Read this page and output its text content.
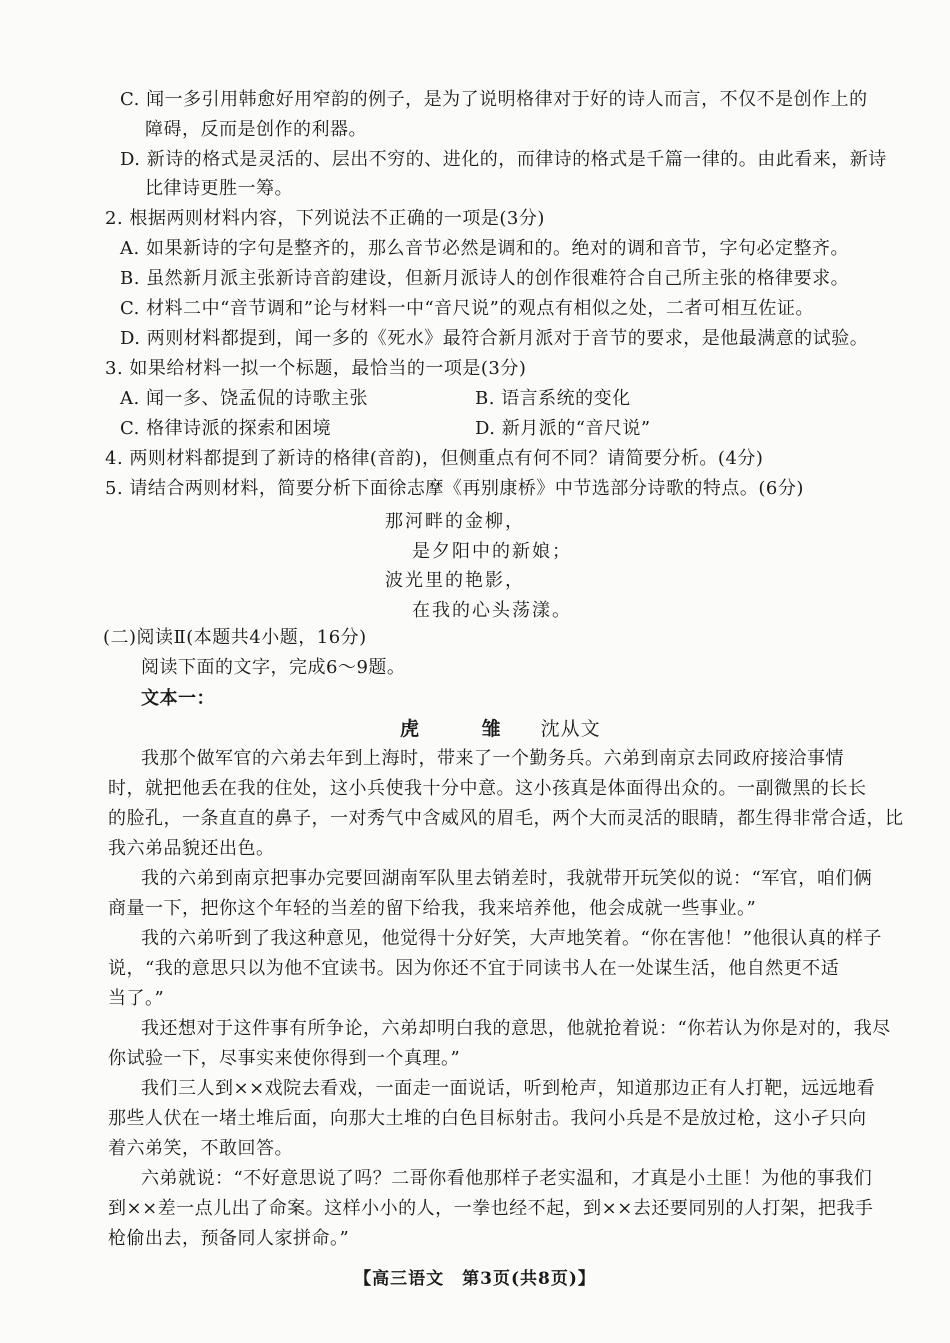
C. 闻一多引用韩愈好用窄韵的例子，是为了说明格律对于好的诗人而言，不仅不是创作上的
障碍，反而是创作的利器。
D. 新诗的格式是灵活的、层出不穷的、进化的，而律诗的格式是千篇一律的。由此看来，新诗
比律诗更胜一筹。
2. 根据两则材料内容，下列说法不正确的一项是(3分)
A. 如果新诗的字句是整齐的，那么音节必然是调和的。绝对的调和音节，字句必定整齐。
B. 虽然新月派主张新诗音韵建设，但新月派诗人的创作很难符合自己所主张的格律要求。
C. 材料二中“音节调和”论与材料一中“音尺说”的观点有相似之处，二者可相互佐证。
D. 两则材料都提到，闻一多的《死水》最符合新月派对于音节的要求，是他最满意的试验。
3. 如果给材料一拟一个标题，最恰当的一项是(3分)
A. 闻一多、饶孟侃的诗歌主张	B. 语言系统的变化
C. 格律诗派的探索和困境	D. 新月派的“音尺说”
4. 两则材料都提到了新诗的格律(音韵)，但侧重点有何不同？请简要分析。(4分)
5. 请结合两则材料，简要分析下面徐志摩《再别康桥》中节选部分诗歌的特点。(6分)
那河畔的金柳，
是夕阳中的新娘；
波光里的艳影，
在我的心头荡漾。
(二)阅读Ⅱ(本题共4小题，16分)
阅读下面的文字，完成6～9题。
文本一：
虎 雏 沈从文
我那个做军官的六弟去年到上海时，带来了一个勤务兵。六弟到南京去同政府接洽事情
时，就把他丢在我的住处，这小兵使我十分中意。这小孩真是体面得出众的。一副微黑的长长
的脸孔，一条直直的鼻子，一对秀气中含威风的眉毛，两个大而灵活的眼睛，都生得非常合适，比
我六弟品貌还出色。
我的六弟到南京把事办完要回湖南军队里去销差时，我就带开玩笑似的说：“军官，咱们俩
商量一下，把你这个年轻的当差的留下给我，我来培养他，他会成就一些事业。”
我的六弟听到了我这种意见，他觉得十分好笑，大声地笑着。“你在害他！”他很认真的样子
说，“我的意思只以为他不宜读书。因为你还不宜于同读书人在一处谋生活，他自然更不适
当了。”
我还想对于这件事有所争论，六弟却明白我的意思，他就抢着说：“你若认为你是对的，我尽
你试验一下，尽事实来使你得到一个真理。”
我们三人到××戏院去看戏，一面走一面说话，听到枪声，知道那边正有人打靶，远远地看
那些人伏在一堵土堆后面，向那大土堆的白色目标射击。我问小兵是不是放过枪，这小孑只向
着六弟笑，不敢回答。
六弟就说：“不好意思说了吗？二哥你看他那样子老实温和，才真是小土匪！为他的事我们
到××差一点儿出了命案。这样小小的人，一拳也经不起，到××去还要同别的人打架，把我手
枪偷出去，预备同人家拼命。”
【高三语文　第3页(共8页)】
